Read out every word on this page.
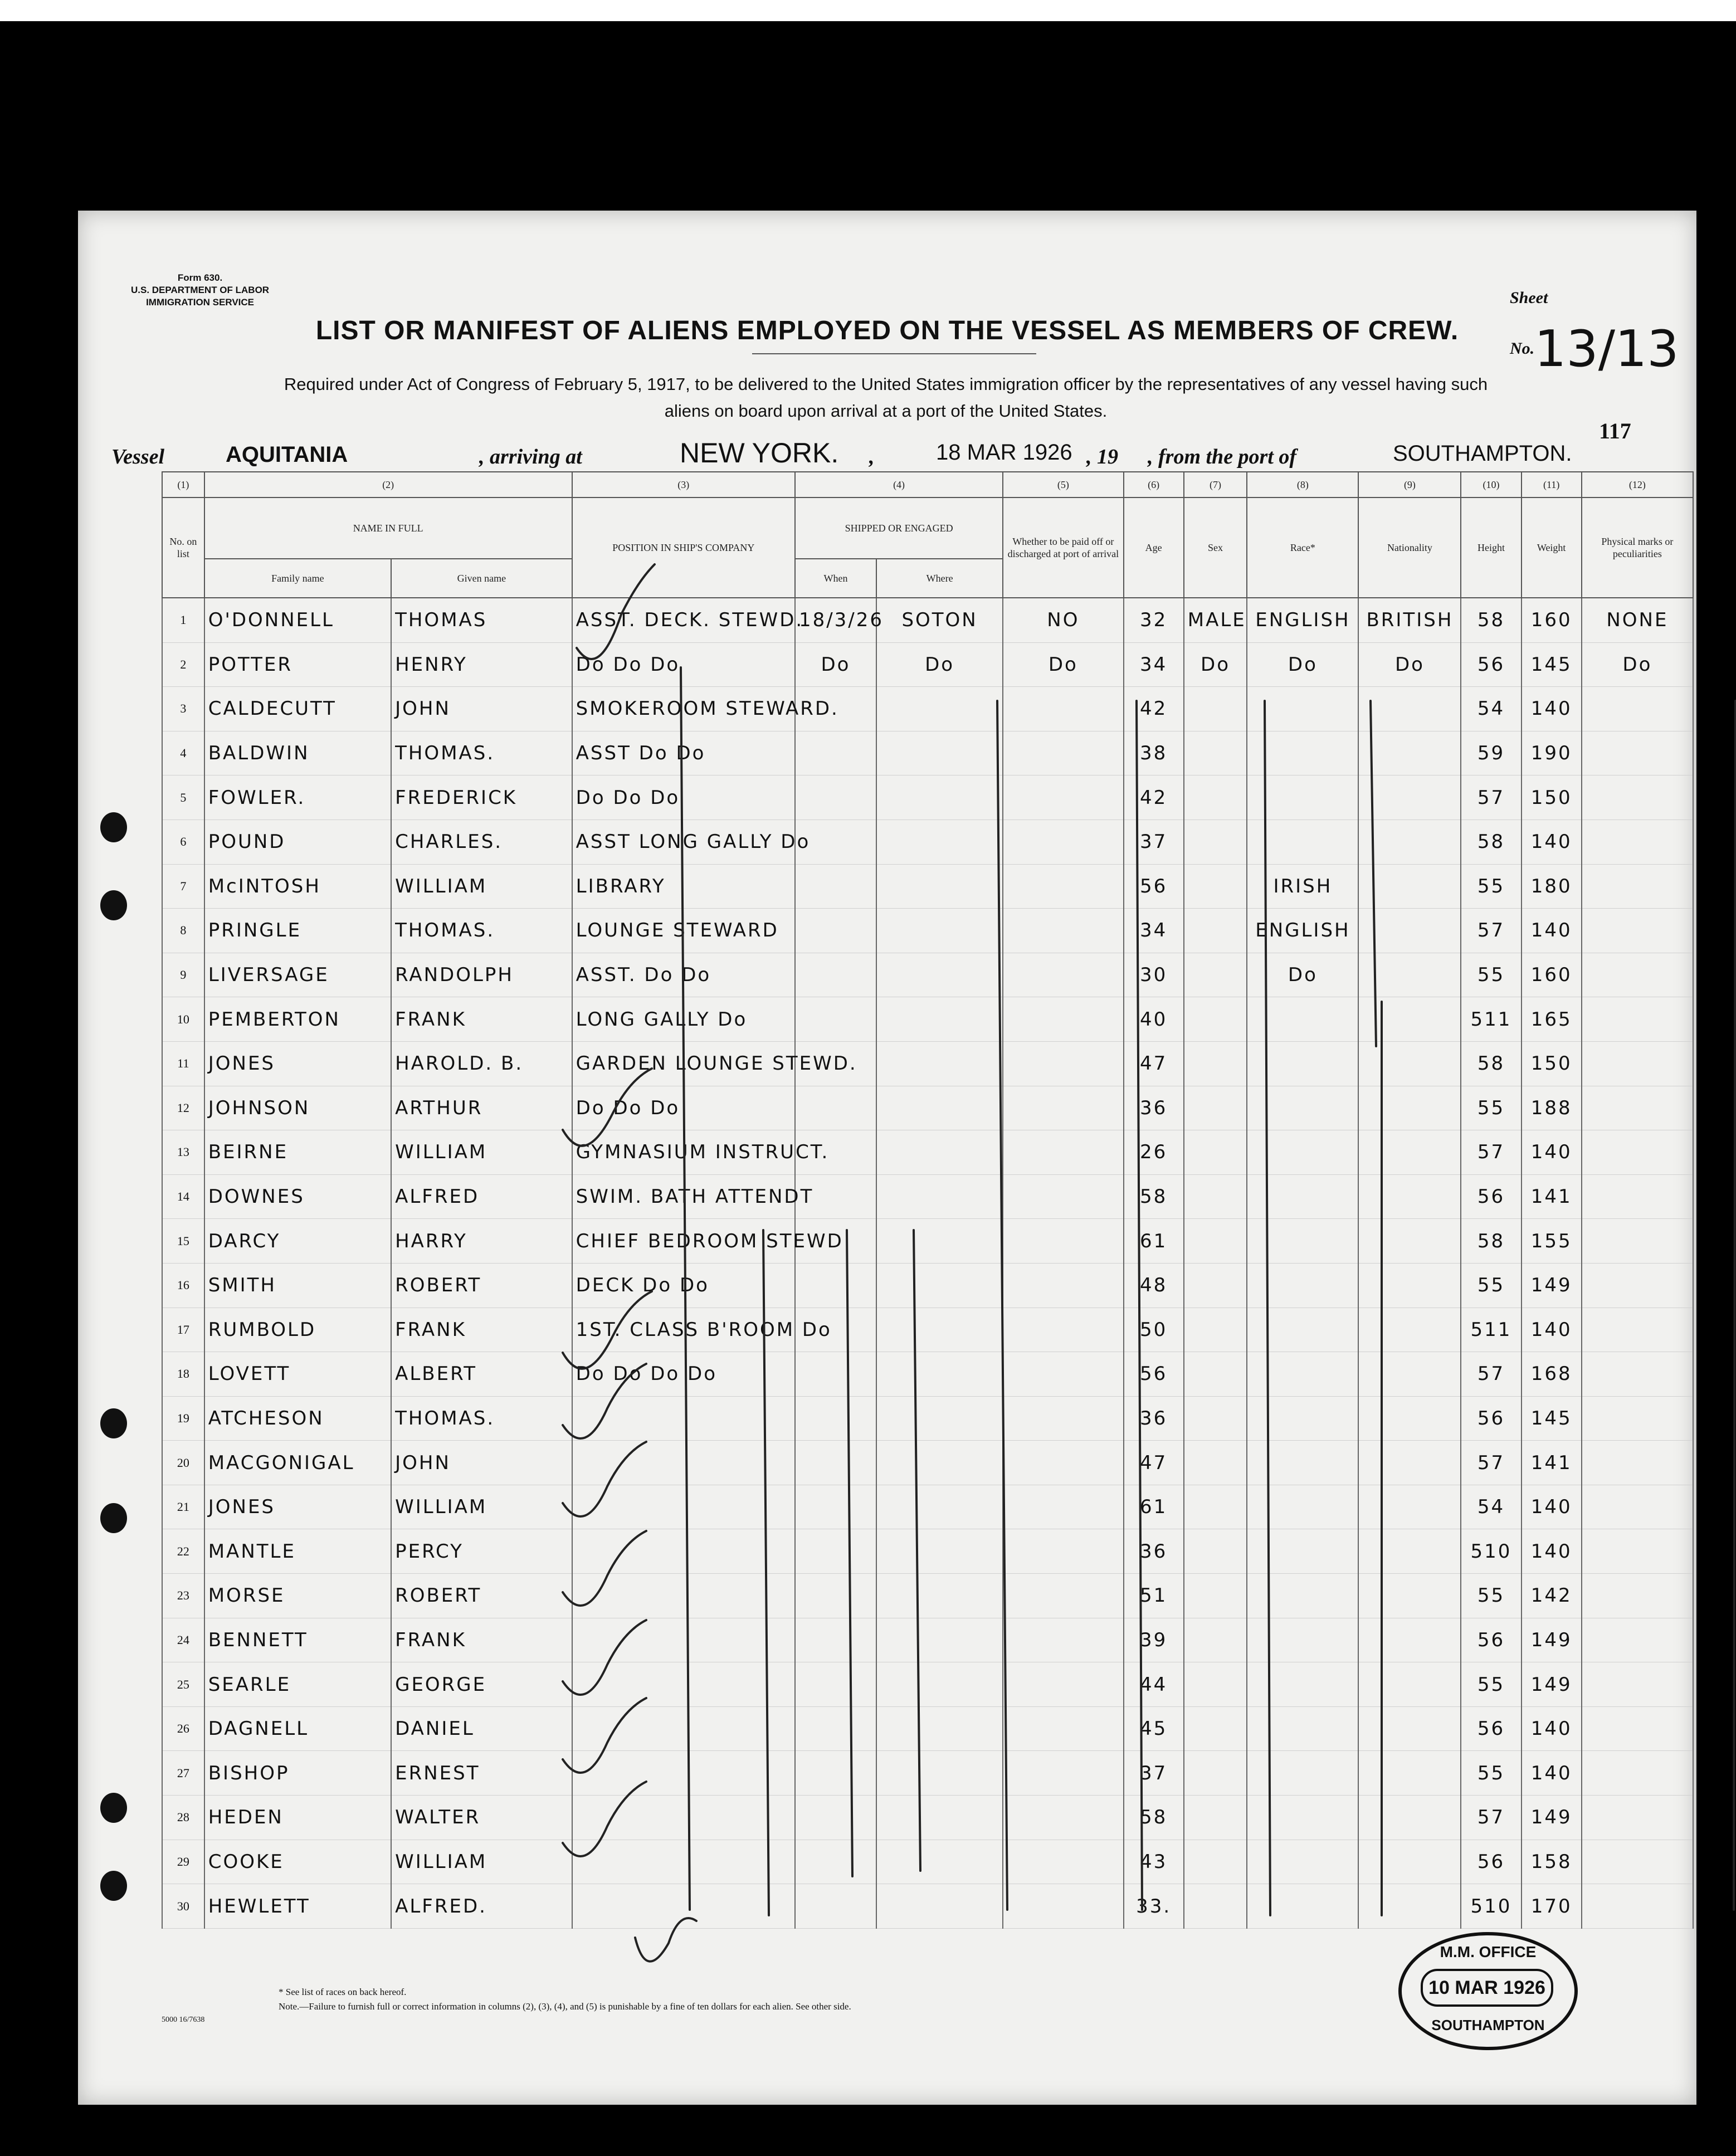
Form 630.
U.S. DEPARTMENT OF LABOR
IMMIGRATION SERVICE	Sheet No.13/13
LIST OR MANIFEST OF ALIENS EMPLOYED ON THE VESSEL AS MEMBERS OF CREW.
Required under Act of Congress of February 5, 1917, to be delivered to the United States immigration officer by the representatives of any vessel having such
aliens on board upon arrival at a port of the United States.
117
Vessel	AQUITANIA	, arriving at	NEW YORK. ,	18 MAR 1926 , 19 , from the port of	SOUTHAMPTON.
(1)	(2)		(3)	(4)		(5)	(6)	(7)	(8)	(9)	(10)	(11)	(12)
No. on list	NAME IN FULL		POSITION IN SHIP'S COMPANY	SHIPPED OR ENGAGED		Whether to be paid off or discharged at port of arrival	Age	Sex	Race*	Nationality	Height	Weight	Physical marks or peculiarities
	Family name	Given name		When	Where								
1	O'DONNELL	THOMAS	ASST. DECK. STEWD.	18/3/26	SOTON	NO	32	MALE	ENGLISH	BRITISH	58	160	NONE
2	POTTER	HENRY	Do Do Do	Do	Do	Do	34	Do	Do	Do	56	145	Do
3	CALDECUTT	JOHN	SMOKEROOM STEWARD.				42				54	140	
4	BALDWIN	THOMAS.	ASST Do Do				38				59	190	
5	FOWLER.	FREDERICK	Do Do Do				42				57	150	
6	POUND	CHARLES.	ASST LONG GALLY Do				37				58	140	
7	McINTOSH	WILLIAM	LIBRARY				56		IRISH		55	180	
8	PRINGLE	THOMAS.	LOUNGE STEWARD				34		ENGLISH		57	140	
9	LIVERSAGE	RANDOLPH	ASST. Do Do				30		Do		55	160	
10	PEMBERTON	FRANK	LONG GALLY Do				40				511	165	
11	JONES	HAROLD. B.	GARDEN LOUNGE STEWD.				47				58	150	
12	JOHNSON	ARTHUR	Do Do Do				36				55	188	
13	BEIRNE	WILLIAM	GYMNASIUM INSTRUCT.				26				57	140	
14	DOWNES	ALFRED	SWIM. BATH ATTENDT				58				56	141	
15	DARCY	HARRY	CHIEF BEDROOM STEWD				61				58	155	
16	SMITH	ROBERT	DECK Do Do				48				55	149	
17	RUMBOLD	FRANK	1ST. CLASS B'ROOM Do				50				511	140	
18	LOVETT	ALBERT	Do Do Do Do				56				57	168	
19	ATCHESON	THOMAS.					36				56	145	
20	MACGONIGAL	JOHN					47				57	141	
21	JONES	WILLIAM					61				54	140	
22	MANTLE	PERCY					36				510	140	
23	MORSE	ROBERT					51				55	142	
24	BENNETT	FRANK					39				56	149	
25	SEARLE	GEORGE					44				55	149	
26	DAGNELL	DANIEL					45				56	140	
27	BISHOP	ERNEST					37				55	140	
28	HEDEN	WALTER					58				57	149	
29	COOKE	WILLIAM					43				56	158	
30	HEWLETT	ALFRED.					33.				510	170	
* See list of races on back hereof.
Note.—Failure to furnish full or correct information in columns (2), (3), (4), and (5) is punishable by a fine of ten dollars for each alien. See other side.
5000 16/7638
M.M. OFFICE
10 MAR 1926
SOUTHAMPTON
